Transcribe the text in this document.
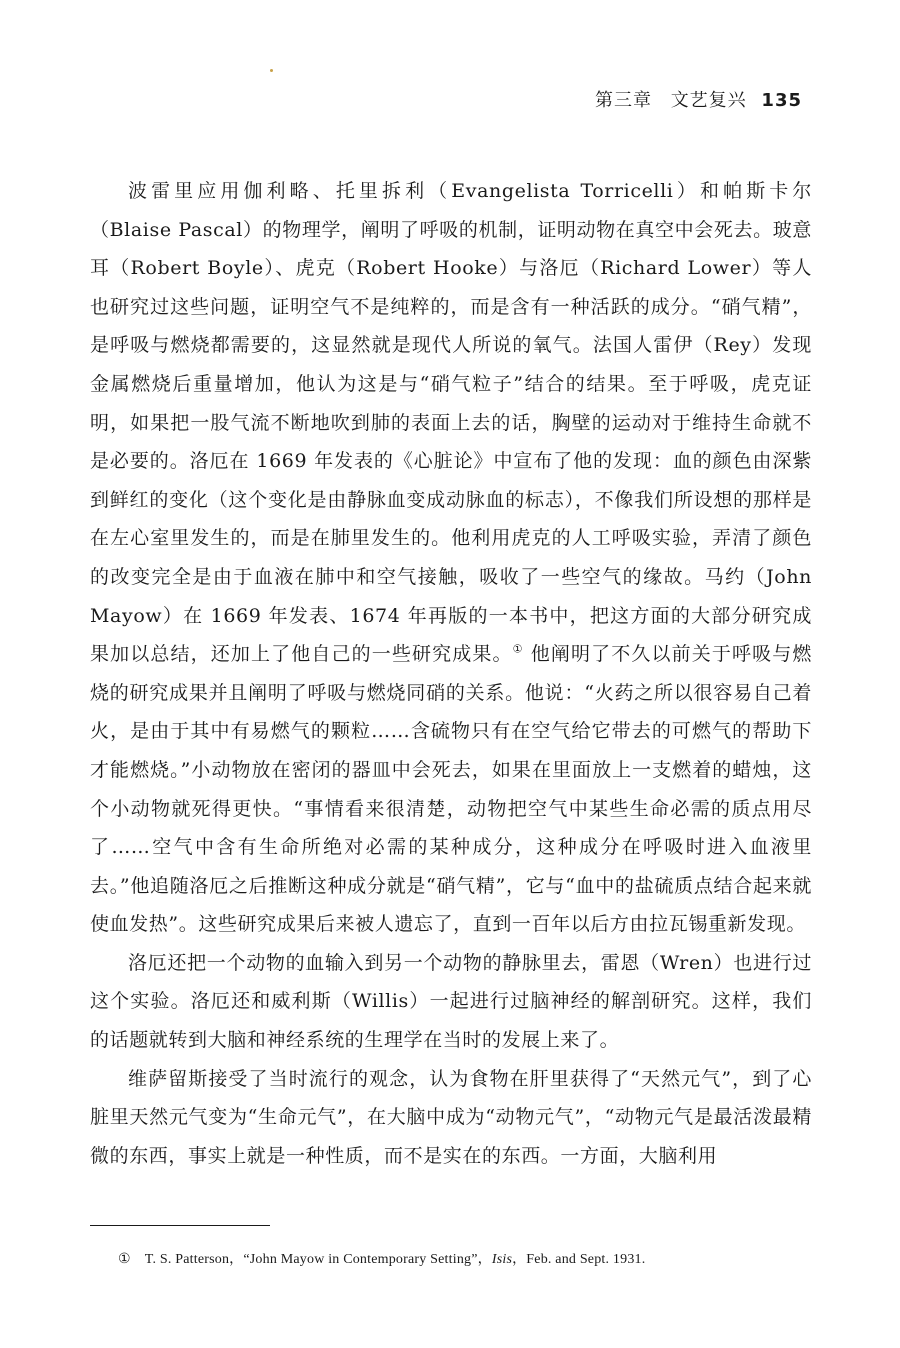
第三章 文艺复兴 135

波雷里应用伽利略、托里拆利（Evangelista Torricelli）和帕斯卡尔（Blaise Pascal）的物理学，阐明了呼吸的机制，证明动物在真空中会死去。玻意耳（Robert Boyle）、虎克（Robert Hooke）与洛厄（Richard Lower）等人也研究过这些问题，证明空气不是纯粹的，而是含有一种活跃的成分。“硝气精”，是呼吸与燃烧都需要的，这显然就是现代人所说的氧气。法国人雷伊（Rey）发现金属燃烧后重量增加，他认为这是与“硝气粒子”结合的结果。至于呼吸，虎克证明，如果把一股气流不断地吹到肺的表面上去的话，胸壁的运动对于维持生命就不是必要的。洛厄在 1669 年发表的《心脏论》中宣布了他的发现：血的颜色由深紫到鲜红的变化（这个变化是由静脉血变成动脉血的标志），不像我们所设想的那样是在左心室里发生的，而是在肺里发生的。他利用虎克的人工呼吸实验，弄清了颜色的改变完全是由于血液在肺中和空气接触，吸收了一些空气的缘故。马约（John Mayow）在 1669 年发表、1674 年再版的一本书中，把这方面的大部分研究成果加以总结，还加上了他自己的一些研究成果。① 他阐明了不久以前关于呼吸与燃烧的研究成果并且阐明了呼吸与燃烧同硝的关系。他说：“火药之所以很容易自己着火，是由于其中有易燃气的颗粒……含硫物只有在空气给它带去的可燃气的帮助下才能燃烧。”小动物放在密闭的器皿中会死去，如果在里面放上一支燃着的蜡烛，这个小动物就死得更快。“事情看来很清楚，动物把空气中某些生命必需的质点用尽了……空气中含有生命所绝对必需的某种成分，这种成分在呼吸时进入血液里去。”他追随洛厄之后推断这种成分就是“硝气精”，它与“血中的盐硫质点结合起来就使血发热”。这些研究成果后来被人遗忘了，直到一百年以后方由拉瓦锡重新发现。

洛厄还把一个动物的血输入到另一个动物的静脉里去，雷恩（Wren）也进行过这个实验。洛厄还和威利斯（Willis）一起进行过脑神经的解剖研究。这样，我们的话题就转到大脑和神经系统的生理学在当时的发展上来了。

维萨留斯接受了当时流行的观念，认为食物在肝里获得了“天然元气”，到了心脏里天然元气变为“生命元气”，在大脑中成为“动物元气”，“动物元气是最活泼最精微的东西，事实上就是一种性质，而不是实在的东西。一方面，大脑利用

① T. S. Patterson，“John Mayow in Contemporary Setting”，Isis，Feb. and Sept. 1931.
